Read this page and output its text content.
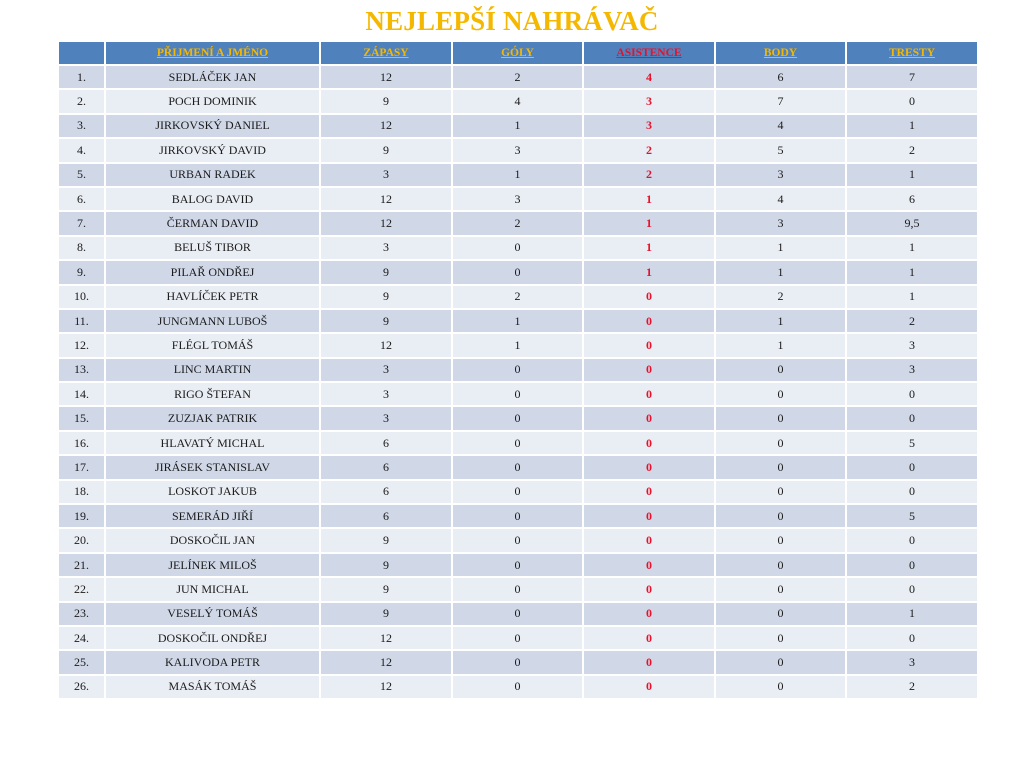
NEJLEPŠÍ NAHRÁVAČ
	PŘIJMENÍ A JMÉNO	ZÁPASY	GÓLY	ASISTENCE	BODY	TRESTY
1.	SEDLÁČEK JAN	12	2	4	6	7
2.	POCH DOMINIK	9	4	3	7	0
3.	JIRKOVSKÝ DANIEL	12	1	3	4	1
4.	JIRKOVSKÝ DAVID	9	3	2	5	2
5.	URBAN RADEK	3	1	2	3	1
6.	BALOG DAVID	12	3	1	4	6
7.	ČERMAN DAVID	12	2	1	3	9,5
8.	BELUŠ TIBOR	3	0	1	1	1
9.	PILAŘ ONDŘEJ	9	0	1	1	1
10.	HAVLÍČEK PETR	9	2	0	2	1
11.	JUNGMANN LUBOŠ	9	1	0	1	2
12.	FLÉGL TOMÁŠ	12	1	0	1	3
13.	LINC MARTIN	3	0	0	0	3
14.	RIGO ŠTEFAN	3	0	0	0	0
15.	ZUZJAK PATRIK	3	0	0	0	0
16.	HLAVATÝ MICHAL	6	0	0	0	5
17.	JIRÁSEK STANISLAV	6	0	0	0	0
18.	LOSKOT JAKUB	6	0	0	0	0
19.	SEMERÁD JIŘÍ	6	0	0	0	5
20.	DOSKOČIL JAN	9	0	0	0	0
21.	JELÍNEK MILOŠ	9	0	0	0	0
22.	JUN MICHAL	9	0	0	0	0
23.	VESELÝ TOMÁŠ	9	0	0	0	1
24.	DOSKOČIL ONDŘEJ	12	0	0	0	0
25.	KALIVODA PETR	12	0	0	0	3
26.	MASÁK TOMÁŠ	12	0	0	0	2
